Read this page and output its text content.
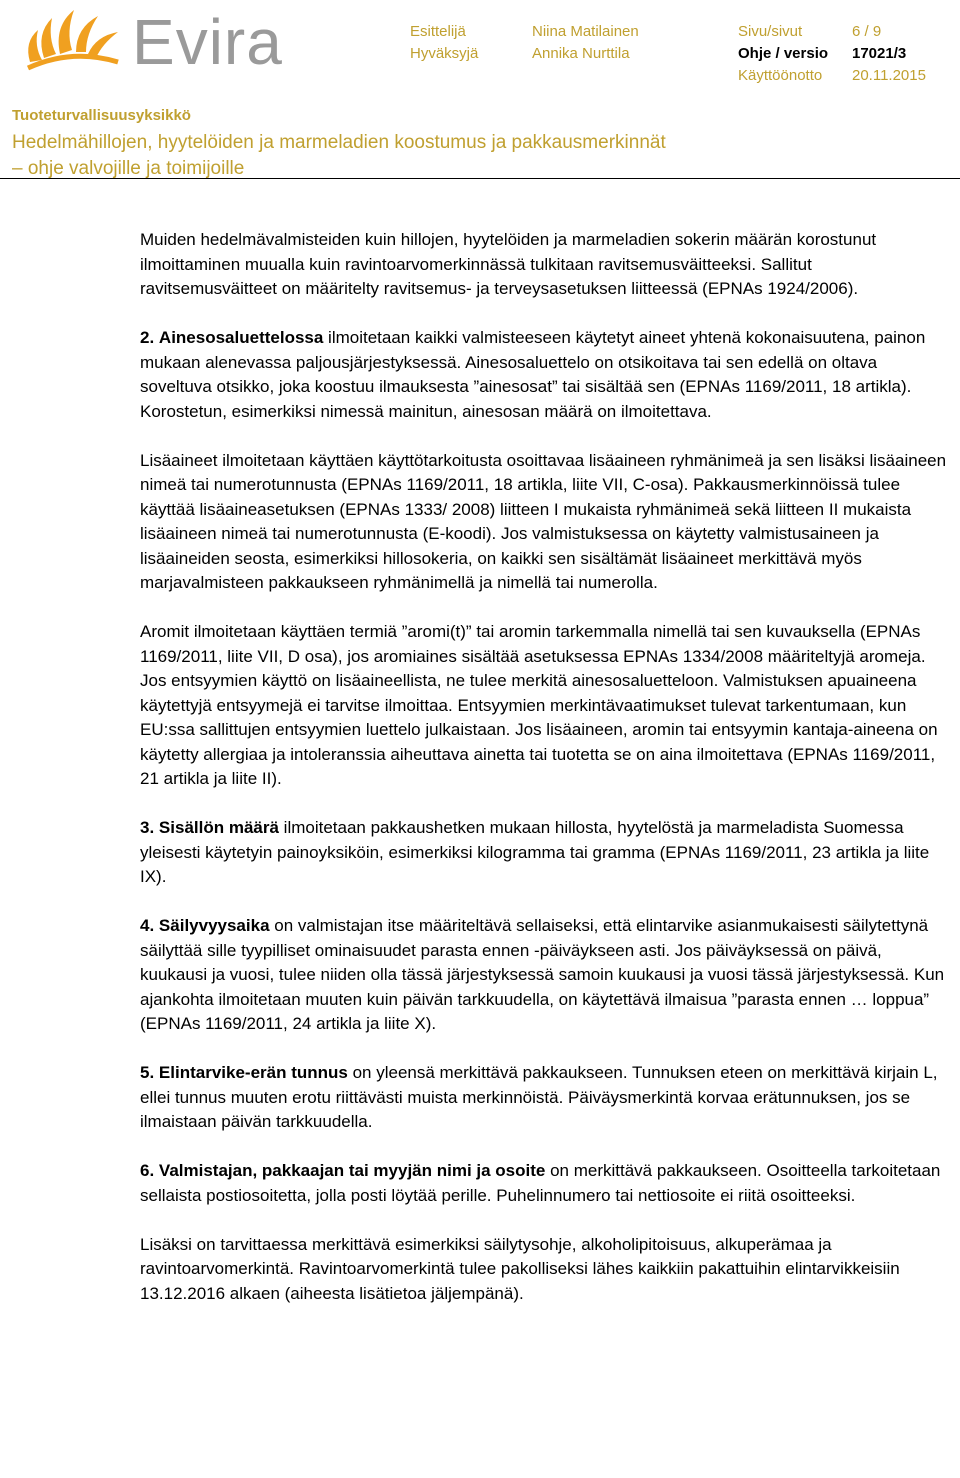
Evira	Esittelijä
Hyväksyjä
Niina Matilainen
Annika Nurttila
Sivu/sivut
Ohje / versio
Käyttöönotto
6 / 9
17021/3
20.11.2015
Tuoteturvallisuusyksikkö
Hedelmähillojen, hyytelöiden ja marmeladien koostumus ja pakkausmerkinnät
– ohje valvojille ja toimijoille

Muiden hedelmävalmisteiden kuin hillojen, hyytelöiden ja marmeladien sokerin määrän korostunut ilmoittaminen muualla kuin ravintoarvomerkinnässä tulkitaan ravitsemusväitteeksi. Sallitut ravitsemusväitteet on määritelty ravitsemus- ja terveysasetuksen liitteessä (EPNAs 1924/2006).

2. Ainesosaluettelossa ilmoitetaan kaikki valmisteeseen käytetyt aineet yhtenä kokonaisuutena, painon mukaan alenevassa paljousjärjestyksessä. Ainesosaluettelo on otsikoitava tai sen edellä on oltava soveltuva otsikko, joka koostuu ilmauksesta ”ainesosat” tai sisältää sen (EPNAs 1169/2011, 18 artikla). Korostetun, esimerkiksi nimessä mainitun, ainesosan määrä on ilmoitettava.

Lisäaineet ilmoitetaan käyttäen käyttötarkoitusta osoittavaa lisäaineen ryhmänimeä ja sen lisäksi lisäaineen nimeä tai numerotunnusta (EPNAs 1169/2011, 18 artikla, liite VII, C-osa). Pakkausmerkinnöissä tulee käyttää lisäaineasetuksen (EPNAs 1333/ 2008) liitteen I mukaista ryhmänimeä sekä liitteen II mukaista lisäaineen nimeä tai numerotunnusta (E-koodi). Jos valmistuksessa on käytetty valmistusaineen ja lisäaineiden seosta, esimerkiksi hillosokeria, on kaikki sen sisältämät lisäaineet merkittävä myös marjavalmisteen pakkaukseen ryhmänimellä ja nimellä tai numerolla.

Aromit ilmoitetaan käyttäen termiä ”aromi(t)” tai aromin tarkemmalla nimellä tai sen kuvauksella (EPNAs 1169/2011, liite VII, D osa), jos aromiaines sisältää asetuksessa EPNAs 1334/2008 määriteltyjä aromeja. Jos entsyymien käyttö on lisäaineellista, ne tulee merkitä ainesosaluetteloon. Valmistuksen apuaineena käytettyjä entsyymejä ei tarvitse ilmoittaa. Entsyymien merkintävaatimukset tulevat tarkentumaan, kun EU:ssa sallittujen entsyymien luettelo julkaistaan. Jos lisäaineen, aromin tai entsyymin kantaja-aineena on käytetty allergiaa ja intoleranssia aiheuttava ainetta tai tuotetta se on aina ilmoitettava (EPNAs 1169/2011, 21 artikla ja liite II).

3. Sisällön määrä ilmoitetaan pakkaushetken mukaan hillosta, hyytelöstä ja marmeladista Suomessa yleisesti käytetyin painoyksiköin, esimerkiksi kilogramma tai gramma (EPNAs 1169/2011, 23 artikla ja liite IX).

4. Säilyvyysaika on valmistajan itse määriteltävä sellaiseksi, että elintarvike asianmukaisesti säilytettynä säilyttää sille tyypilliset ominaisuudet parasta ennen -päiväykseen asti. Jos päiväyksessä on päivä, kuukausi ja vuosi, tulee niiden olla tässä järjestyksessä samoin kuukausi ja vuosi tässä järjestyksessä. Kun ajankohta ilmoitetaan muuten kuin päivän tarkkuudella, on käytettävä ilmaisua ”parasta ennen … loppua” (EPNAs 1169/2011, 24 artikla ja liite X).

5. Elintarvike-erän tunnus on yleensä merkittävä pakkaukseen. Tunnuksen eteen on merkittävä kirjain L, ellei tunnus muuten erotu riittävästi muista merkinnöistä. Päiväysmerkintä korvaa erätunnuksen, jos se ilmaistaan päivän tarkkuudella.

6. Valmistajan, pakkaajan tai myyjän nimi ja osoite on merkittävä pakkaukseen. Osoitteella tarkoitetaan sellaista postiosoitetta, jolla posti löytää perille. Puhelinnumero tai nettiosoite ei riitä osoitteeksi.

Lisäksi on tarvittaessa merkittävä esimerkiksi säilytysohje, alkoholipitoisuus, alkuperämaa ja ravintoarvomerkintä. Ravintoarvomerkintä tulee pakolliseksi lähes kaikkiin pakattuihin elintarvikkeisiin 13.12.2016 alkaen (aiheesta lisätietoa jäljempänä).
